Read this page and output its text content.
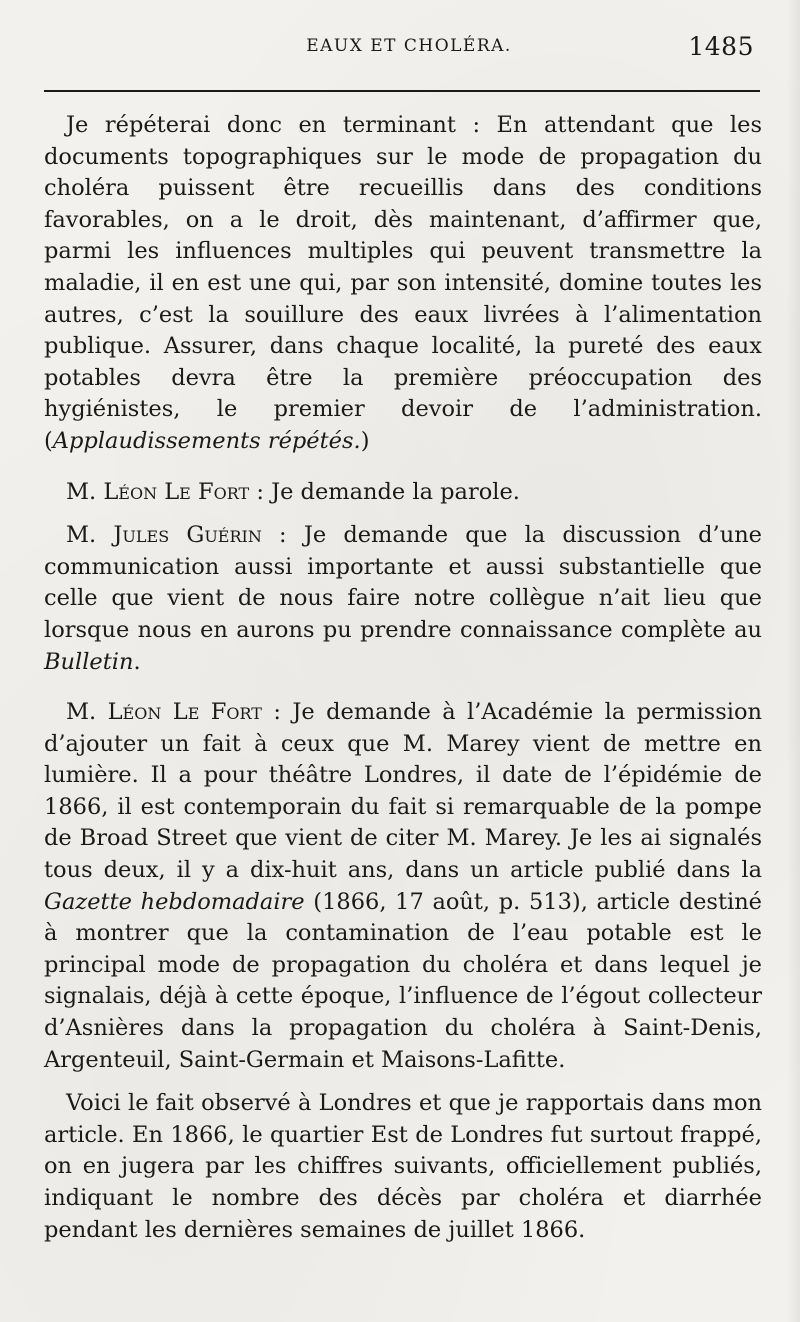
EAUX ET CHOLÉRA.	1485

Je répéterai donc en terminant : En attendant que les documents topographiques sur le mode de propagation du choléra puissent être recueillis dans des conditions favorables, on a le droit, dès maintenant, d’affirmer que, parmi les influences multiples qui peuvent transmettre la maladie, il en est une qui, par son intensité, domine toutes les autres, c’est la souillure des eaux livrées à l’alimentation publique. Assurer, dans chaque localité, la pureté des eaux potables devra être la première préoccupation des hygiénistes, le premier devoir de l’administration. (Applaudissements répétés.)

M. Léon Le Fort : Je demande la parole.

M. Jules Guérin : Je demande que la discussion d’une communication aussi importante et aussi substantielle que celle que vient de nous faire notre collègue n’ait lieu que lorsque nous en aurons pu prendre connaissance complète au Bulletin.

M. Léon Le Fort : Je demande à l’Académie la permission d’ajouter un fait à ceux que M. Marey vient de mettre en lumière. Il a pour théâtre Londres, il date de l’épidémie de 1866, il est contemporain du fait si remarquable de la pompe de Broad Street que vient de citer M. Marey. Je les ai signalés tous deux, il y a dix-huit ans, dans un article publié dans la Gazette hebdomadaire (1866, 17 août, p. 513), article destiné à montrer que la contamination de l’eau potable est le principal mode de propagation du choléra et dans lequel je signalais, déjà à cette époque, l’influence de l’égout collecteur d’Asnières dans la propagation du choléra à Saint-Denis, Argenteuil, Saint-Germain et Maisons-Lafitte.

Voici le fait observé à Londres et que je rapportais dans mon article. En 1866, le quartier Est de Londres fut surtout frappé, on en jugera par les chiffres suivants, officiellement publiés, indiquant le nombre des décès par choléra et diarrhée pendant les dernières semaines de juillet 1866.
